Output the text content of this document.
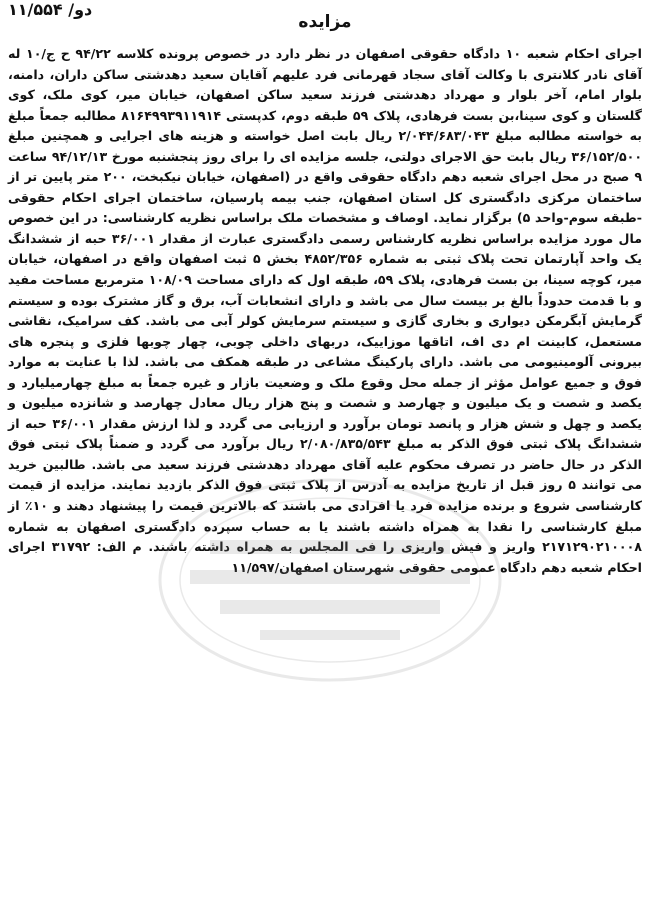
دو/ ۱۱/۵۵۴
مزایده
اجرای احکام شعبه ۱۰ دادگاه حقوقی اصفهان در نظر دارد در خصوص پرونده کلاسه ۹۴/۲۲ ح ج/۱۰ له آقای نادر کلانتری با وکالت آقای سجاد قهرمانی فرد علیهم آقایان سعید دهدشتی ساکن داران، دامنه، بلوار امام، آخر بلوار و مهرداد دهدشتی فرزند سعید ساکن اصفهان، خیابان میر، کوی ملک، کوی گلستان و کوی سینا،بن بست فرهادی، پلاک ۵۹ طبقه دوم، کدپستی ۸۱۶۴۹۹۳۹۱۱۹۱۴ مطالبه جمعاً مبلغ به خواسته مطالبه مبلغ ۲/۰۴۴/۶۸۳/۰۴۳ ریال بابت اصل خواسته و هزینه های اجرایی و همچنین مبلغ ۳۶/۱۵۲/۵۰۰ ریال بابت حق الاجرای دولتی، جلسه مزایده ای را برای روز پنجشنبه مورخ ۹۴/۱۲/۱۳ ساعت ۹ صبح در محل اجرای شعبه دهم دادگاه حقوقی واقع در (اصفهان، خیابان نیکبخت، ۲۰۰ متر پایین تر از ساختمان مرکزی دادگستری کل استان اصفهان، جنب بیمه پارسیان، ساختمان اجرای احکام حقوقی -طبقه سوم-واحد ۵) برگزار نماید. اوصاف و مشخصات ملک براساس نظریه کارشناسی: در این خصوص مال مورد مزایده براساس نظریه کارشناس رسمی دادگستری عبارت از مقدار ۳۶/۰۰۱ حبه از ششدانگ یک واحد آپارتمان تحت پلاک ثبتی به شماره ۴۸۵۲/۳۵۶ بخش ۵ ثبت اصفهان واقع در اصفهان، خیابان میر، کوچه سینا، بن بست فرهادی، پلاک ۵۹، طبقه اول که دارای مساحت ۱۰۸/۰۹ مترمربع مساحت مفید و با قدمت حدوداً بالغ بر بیست سال می باشد و دارای انشعابات آب، برق و گاز مشترک بوده و سیستم گرمایش آبگرمکن دیواری و بخاری گازی و سیستم سرمایش کولر آبی می باشد. کف سرامیک، نقاشی مستعمل، کابینت ام دی اف، اتاقها موزاییک، دربهای داخلی چوبی، چهار چوبها فلزی و پنجره های بیرونی آلومینیومی می باشد. دارای پارکینگ مشاعی در طبقه همکف می باشد. لذا با عنایت به موارد فوق و جمیع عوامل مؤثر از جمله محل وقوع ملک و وضعیت بازار و غیره جمعاً به مبلغ چهارمیلیارد و یکصد و شصت و یک میلیون و چهارصد و شصت و پنج هزار ریال معادل چهارصد و شانزده میلیون و یکصد و چهل و شش هزار و پانصد تومان برآورد و ارزیابی می گردد و لذا ارزش مقدار ۳۶/۰۰۱ حبه از ششدانگ پلاک ثبتی فوق الذکر به مبلغ ۲/۰۸۰/۸۳۵/۵۴۳ ریال برآورد می گردد و ضمناً پلاک ثبتی فوق الذکر در حال حاضر در تصرف محکوم علیه آقای مهرداد دهدشتی فرزند سعید می باشد. طالبین خرید می توانند ۵ روز قبل از تاریخ مزایده به آدرس از پلاک ثبتی فوق الذکر بازدید نمایند. مزایده از قیمت کارشناسی شروع و برنده مزایده فرد یا افرادی می باشند که بالاترین قیمت را پیشنهاد دهند و ۱۰٪ از مبلغ کارشناسی را نقدا به همراه داشته باشند یا به حساب سپرده دادگستری اصفهان به شماره ۲۱۷۱۲۹۰۲۱۰۰۰۸ واریز و فیش واریزی را فی المجلس به همراه داشته باشند. م الف: ۳۱۷۹۲ اجرای احکام شعبه دهم دادگاه عمومی حقوقی شهرستان اصفهان/۱۱/۵۹۷
